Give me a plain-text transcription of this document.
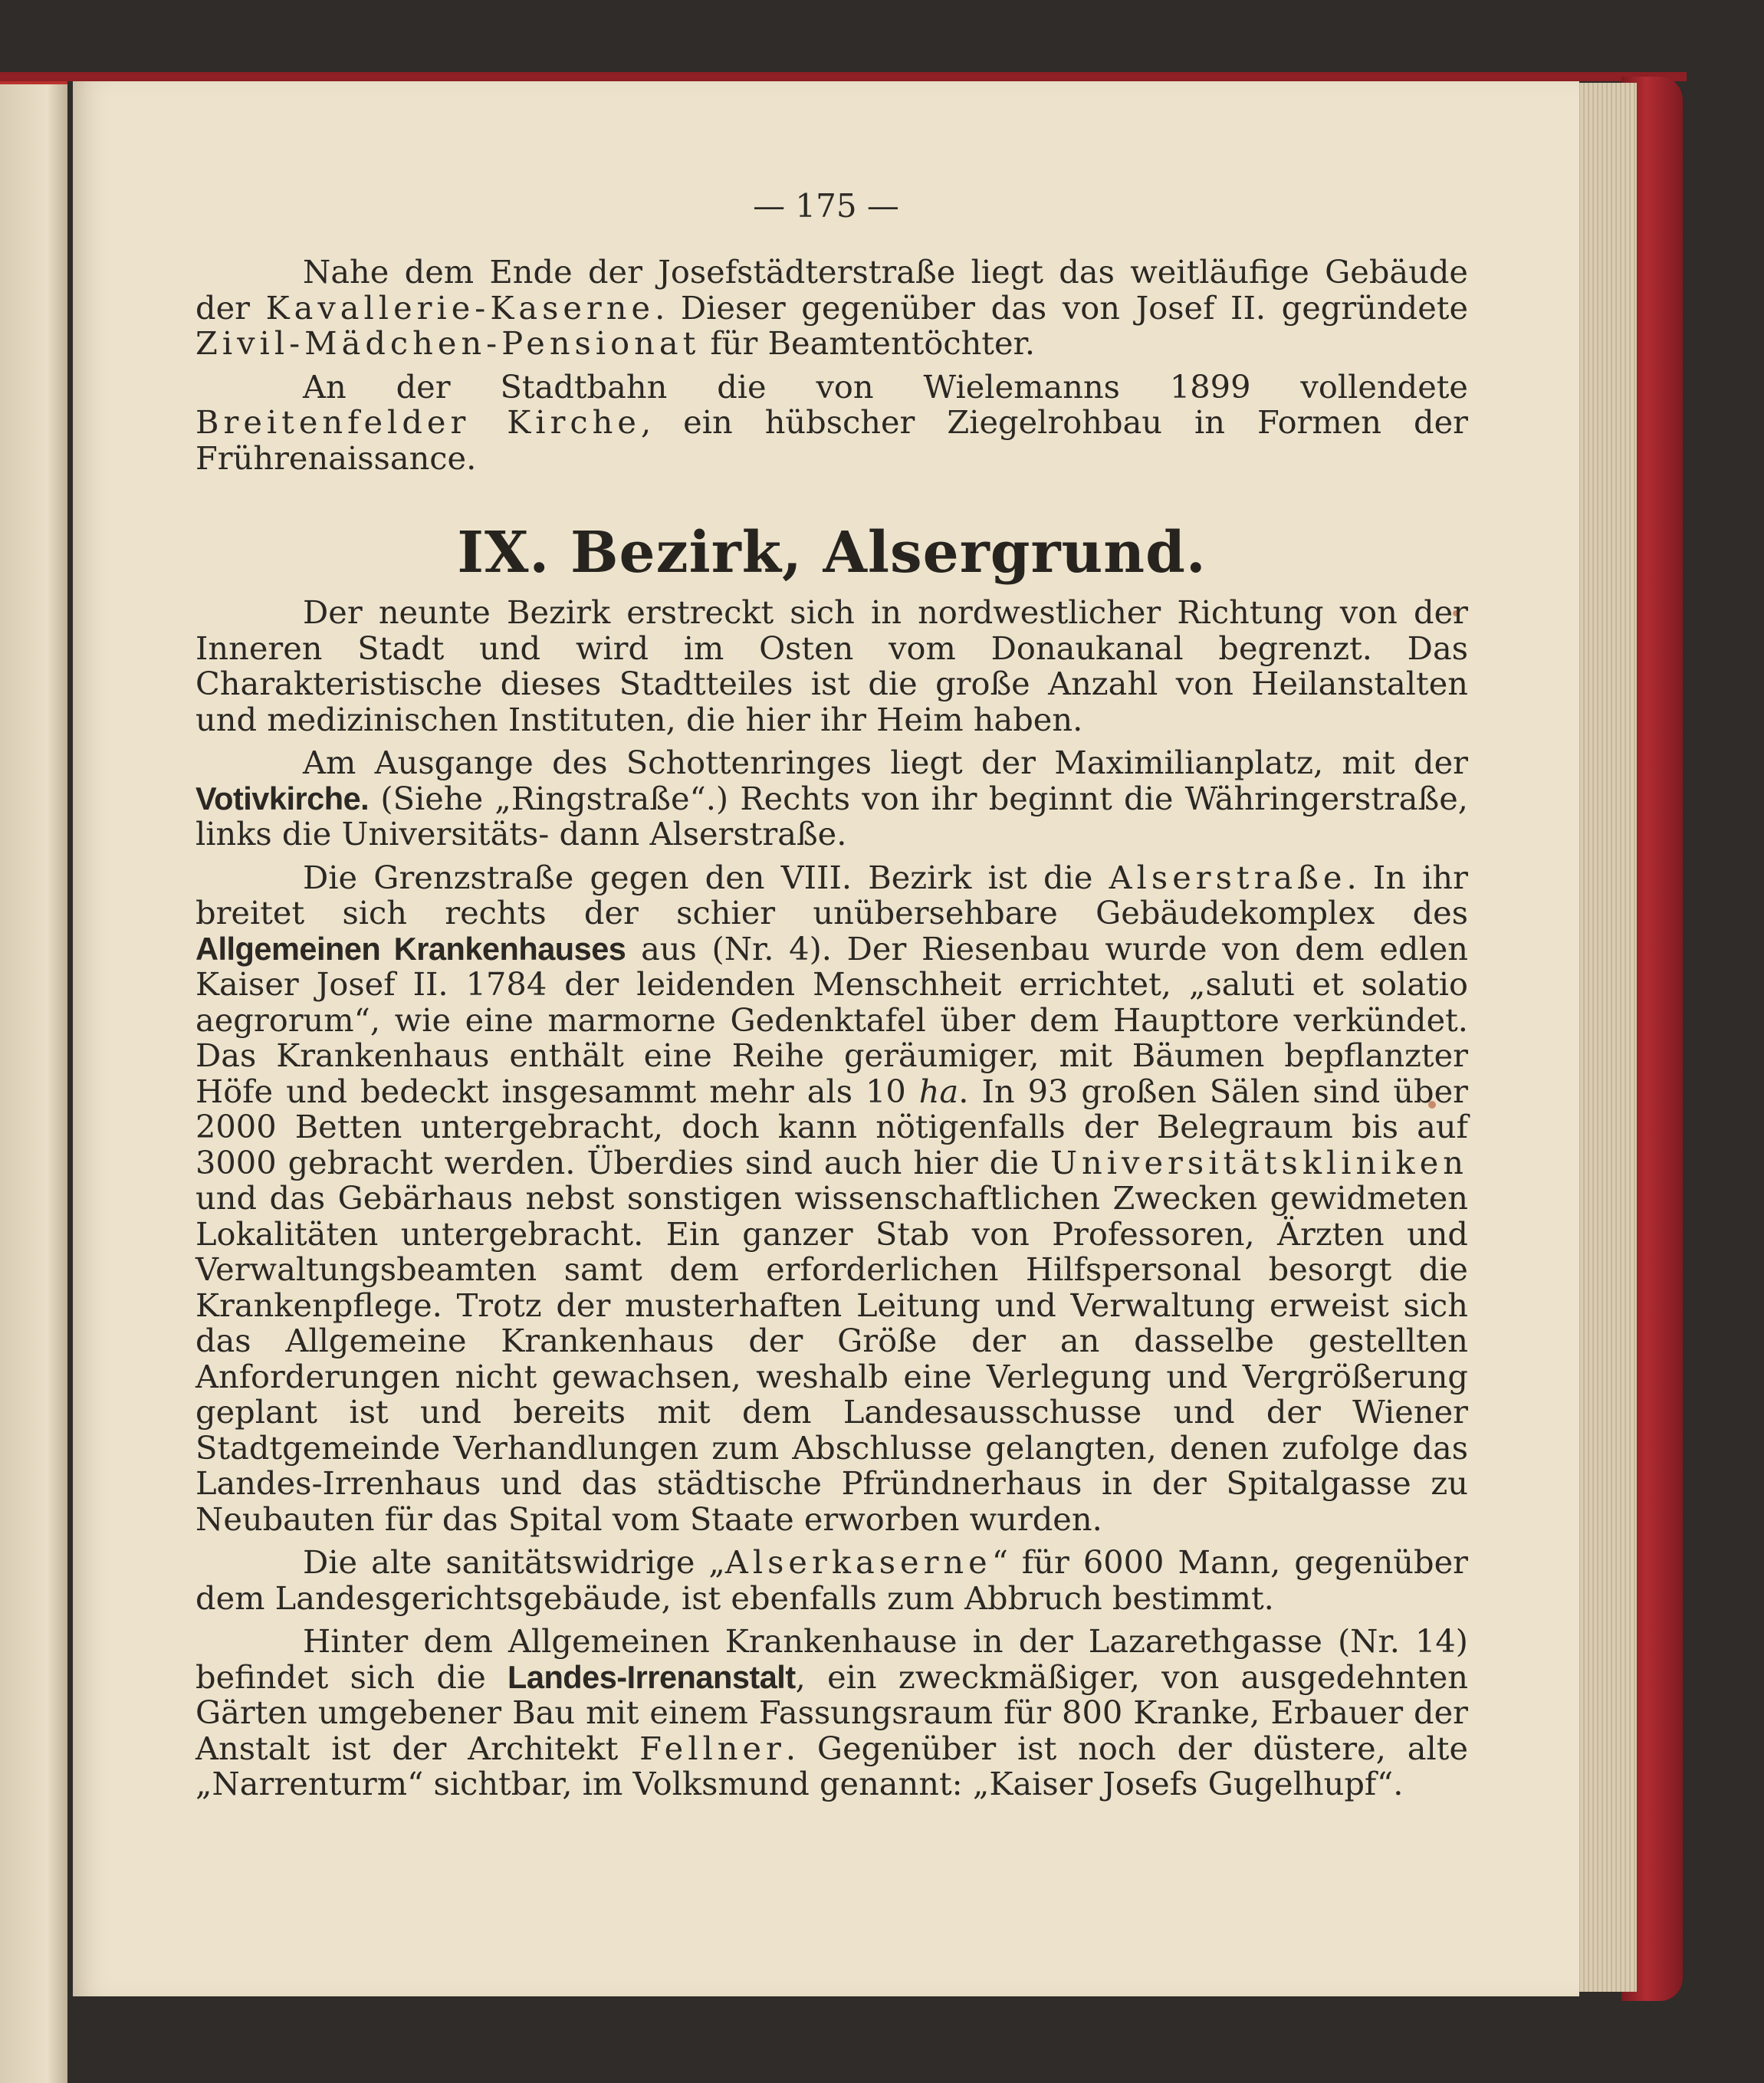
— 175 —

Nahe dem Ende der Josefstädterstraße liegt das weitläufige Gebäude der Kavallerie-Kaserne. Dieser gegenüber das von Josef II. gegründete Zivil-Mädchen-Pensionat für Beamtentöchter.

An der Stadtbahn die von Wielemanns 1899 vollendete Breitenfelder Kirche, ein hübscher Ziegelrohbau in Formen der Frührenaissance.

IX. Bezirk, Alsergrund.

Der neunte Bezirk erstreckt sich in nordwestlicher Richtung von der Inneren Stadt und wird im Osten vom Donaukanal begrenzt. Das Charakteristische dieses Stadtteiles ist die große Anzahl von Heilanstalten und medizinischen Instituten, die hier ihr Heim haben.

Am Ausgange des Schottenringes liegt der Maximilianplatz, mit der Votivkirche. (Siehe „Ringstraße“.) Rechts von ihr beginnt die Währingerstraße, links die Universitäts- dann Alserstraße.

Die Grenzstraße gegen den VIII. Bezirk ist die Alserstraße. In ihr breitet sich rechts der schier unübersehbare Gebäudekomplex des Allgemeinen Krankenhauses aus (Nr. 4). Der Riesenbau wurde von dem edlen Kaiser Josef II. 1784 der leidenden Menschheit errichtet, „saluti et solatio aegrorum“, wie eine marmorne Gedenktafel über dem Haupttore verkündet. Das Krankenhaus enthält eine Reihe geräumiger, mit Bäumen bepflanzter Höfe und bedeckt insgesammt mehr als 10 ha. In 93 großen Sälen sind über 2000 Betten untergebracht, doch kann nötigenfalls der Belegraum bis auf 3000 gebracht werden. Überdies sind auch hier die Universitätskliniken und das Gebärhaus nebst sonstigen wissenschaftlichen Zwecken gewidmeten Lokalitäten untergebracht. Ein ganzer Stab von Professoren, Ärzten und Verwaltungsbeamten samt dem erforderlichen Hilfspersonal besorgt die Krankenpflege. Trotz der musterhaften Leitung und Verwaltung erweist sich das Allgemeine Krankenhaus der Größe der an dasselbe gestellten Anforderungen nicht gewachsen, weshalb eine Verlegung und Vergrößerung geplant ist und bereits mit dem Landesausschusse und der Wiener Stadtgemeinde Verhandlungen zum Abschlusse gelangten, denen zufolge das Landes-Irrenhaus und das städtische Pfründnerhaus in der Spitalgasse zu Neubauten für das Spital vom Staate erworben wurden.

Die alte sanitätswidrige „Alserkaserne“ für 6000 Mann, gegenüber dem Landesgerichtsgebäude, ist ebenfalls zum Abbruch bestimmt.

Hinter dem Allgemeinen Krankenhause in der Lazarethgasse (Nr. 14) befindet sich die Landes-Irrenanstalt, ein zweckmäßiger, von ausgedehnten Gärten umgebener Bau mit einem Fassungsraum für 800 Kranke, Erbauer der Anstalt ist der Architekt Fellner. Gegenüber ist noch der düstere, alte „Narrenturm“ sichtbar, im Volksmund genannt: „Kaiser Josefs Gugelhupf“.
